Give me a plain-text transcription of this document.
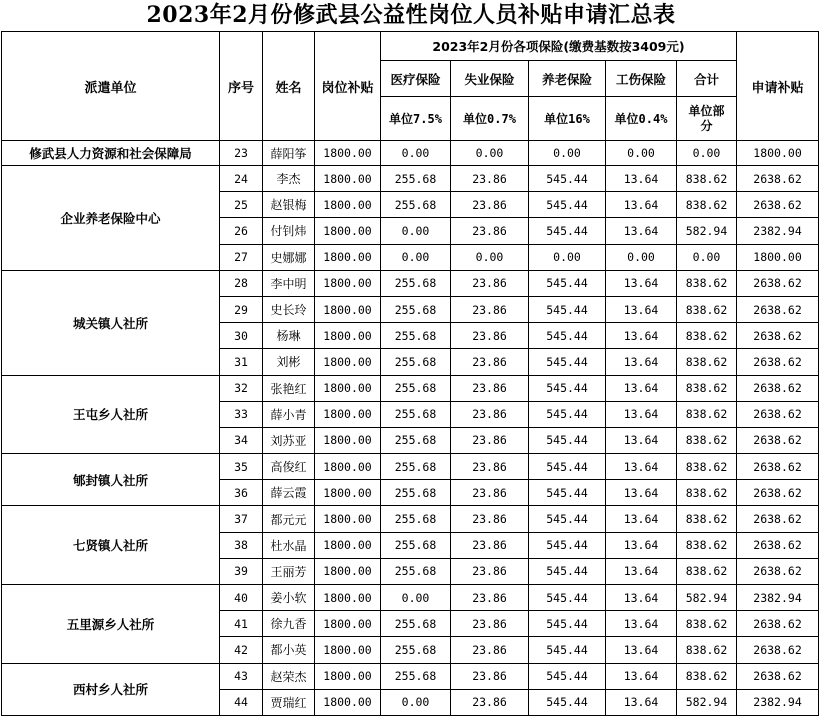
2023年2月份修武县公益性岗位人员补贴申请汇总表
派遣单位	序号	姓名	岗位补贴	2023年2月份各项保险(缴费基数按3409元)					申请补贴
				医疗保险	失业保险	养老保险	工伤保险	合计	
				单位7.5%	单位0.7%	单位16%	单位0.4%	单位部分	

修武县人力资源和社会保障局	23	薛阳筝	1800.00	0.00	0.00	0.00	0.00	0.00	1800.00
企业养老保险中心	24	李杰	1800.00	255.68	23.86	545.44	13.64	838.62	2638.62
	25	赵银梅	1800.00	255.68	23.86	545.44	13.64	838.62	2638.62
	26	付钊炜	1800.00	0.00	23.86	545.44	13.64	582.94	2382.94
	27	史娜娜	1800.00	0.00	0.00	0.00	0.00	0.00	1800.00
城关镇人社所	28	李中明	1800.00	255.68	23.86	545.44	13.64	838.62	2638.62
	29	史长玲	1800.00	255.68	23.86	545.44	13.64	838.62	2638.62
	30	杨琳	1800.00	255.68	23.86	545.44	13.64	838.62	2638.62
	31	刘彬	1800.00	255.68	23.86	545.44	13.64	838.62	2638.62
王屯乡人社所	32	张艳红	1800.00	255.68	23.86	545.44	13.64	838.62	2638.62
	33	薛小青	1800.00	255.68	23.86	545.44	13.64	838.62	2638.62
	34	刘苏亚	1800.00	255.68	23.86	545.44	13.64	838.62	2638.62
郇封镇人社所	35	高俊红	1800.00	255.68	23.86	545.44	13.64	838.62	2638.62
	36	薛云霞	1800.00	255.68	23.86	545.44	13.64	838.62	2638.62
七贤镇人社所	37	都元元	1800.00	255.68	23.86	545.44	13.64	838.62	2638.62
	38	杜水晶	1800.00	255.68	23.86	545.44	13.64	838.62	2638.62
	39	王丽芳	1800.00	255.68	23.86	545.44	13.64	838.62	2638.62
五里源乡人社所	40	姜小软	1800.00	0.00	23.86	545.44	13.64	582.94	2382.94
	41	徐九香	1800.00	255.68	23.86	545.44	13.64	838.62	2638.62
	42	都小英	1800.00	255.68	23.86	545.44	13.64	838.62	2638.62
西村乡人社所	43	赵荣杰	1800.00	255.68	23.86	545.44	13.64	838.62	2638.62
	44	贾瑞红	1800.00	0.00	23.86	545.44	13.64	582.94	2382.94
